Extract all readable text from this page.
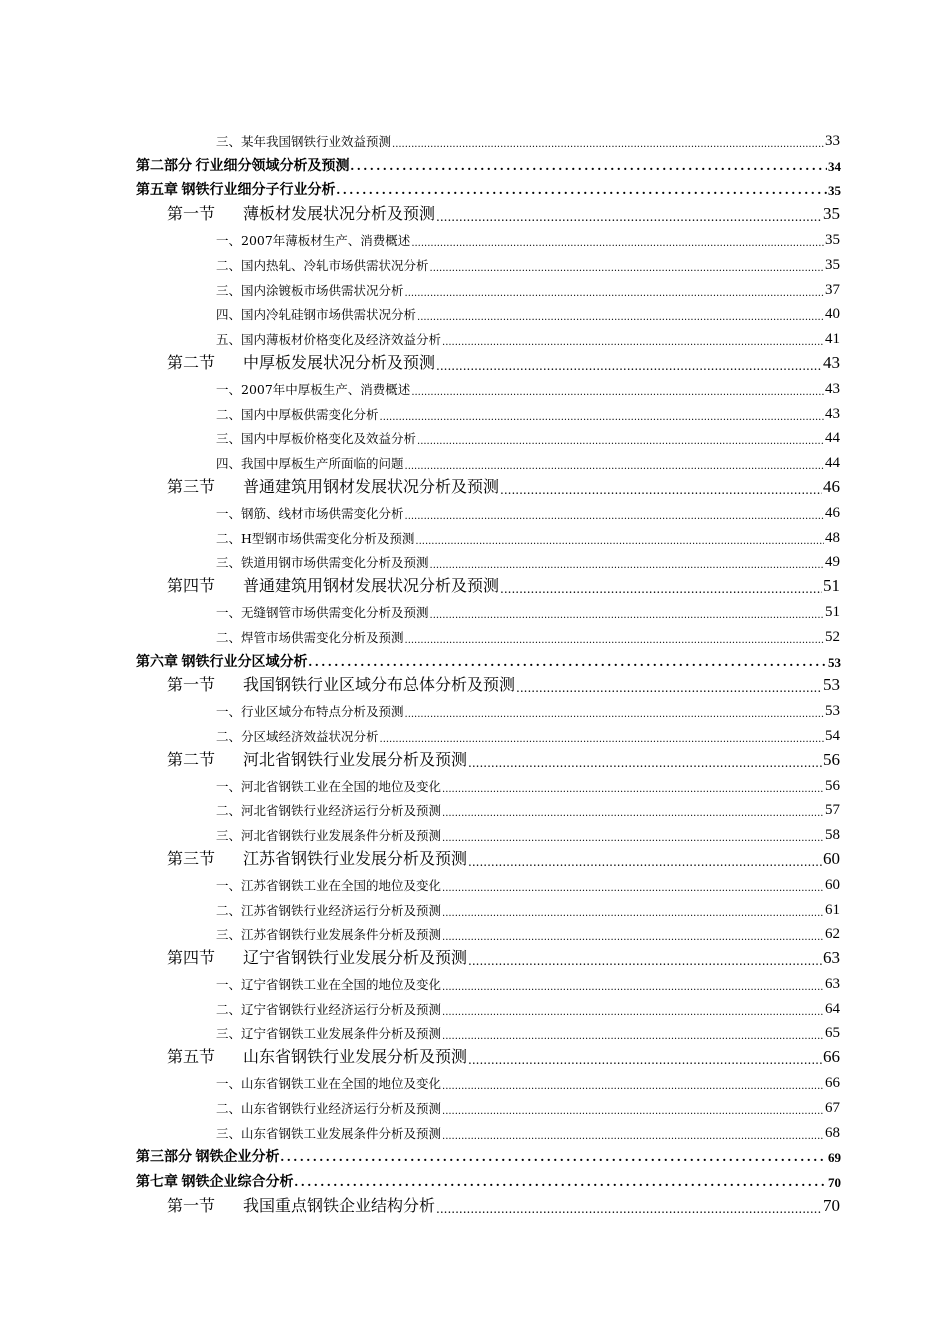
三、某年我国钢铁行业效益预测 .....	33
第二部分 行业细分领域分析及预测 .....	34
第五章 钢铁行业细分子行业分析 .....	35
第一节 薄板材发展状况分析及预测 .....	35
一、2007年薄板材生产、消费概述 .....	35
二、国内热轧、冷轧市场供需状况分析 .....	35
三、国内涂镀板市场供需状况分析 .....	37
四、国内冷轧硅钢市场供需状况分析 .....	40
五、国内薄板材价格变化及经济效益分析 .....	41
第二节 中厚板发展状况分析及预测 .....	43
一、2007年中厚板生产、消费概述 .....	43
二、国内中厚板供需变化分析 .....	43
三、国内中厚板价格变化及效益分析 .....	44
四、我国中厚板生产所面临的问题 .....	44
第三节 普通建筑用钢材发展状况分析及预测 .....	46
一、钢筋、线材市场供需变化分析 .....	46
二、H型钢市场供需变化分析及预测 .....	48
三、铁道用钢市场供需变化分析及预测 .....	49
第四节 普通建筑用钢材发展状况分析及预测 .....	51
一、无缝钢管市场供需变化分析及预测 .....	51
二、焊管市场供需变化分析及预测 .....	52
第六章 钢铁行业分区域分析 .....	53
第一节 我国钢铁行业区域分布总体分析及预测 .....	53
一、行业区域分布特点分析及预测 .....	53
二、分区域经济效益状况分析 .....	54
第二节 河北省钢铁行业发展分析及预测 .....	56
一、河北省钢铁工业在全国的地位及变化 .....	56
二、河北省钢铁行业经济运行分析及预测 .....	57
三、河北省钢铁行业发展条件分析及预测 .....	58
第三节 江苏省钢铁行业发展分析及预测 .....	60
一、江苏省钢铁工业在全国的地位及变化 .....	60
二、江苏省钢铁行业经济运行分析及预测 .....	61
三、江苏省钢铁行业发展条件分析及预测 .....	62
第四节 辽宁省钢铁行业发展分析及预测 .....	63
一、辽宁省钢铁工业在全国的地位及变化 .....	63
二、辽宁省钢铁行业经济运行分析及预测 .....	64
三、辽宁省钢铁工业发展条件分析及预测 .....	65
第五节 山东省钢铁行业发展分析及预测 .....	66
一、山东省钢铁工业在全国的地位及变化 .....	66
二、山东省钢铁行业经济运行分析及预测 .....	67
三、山东省钢铁工业发展条件分析及预测 .....	68
第三部分 钢铁企业分析 .....	69
第七章 钢铁企业综合分析 .....	70
第一节 我国重点钢铁企业结构分析 .....	70
